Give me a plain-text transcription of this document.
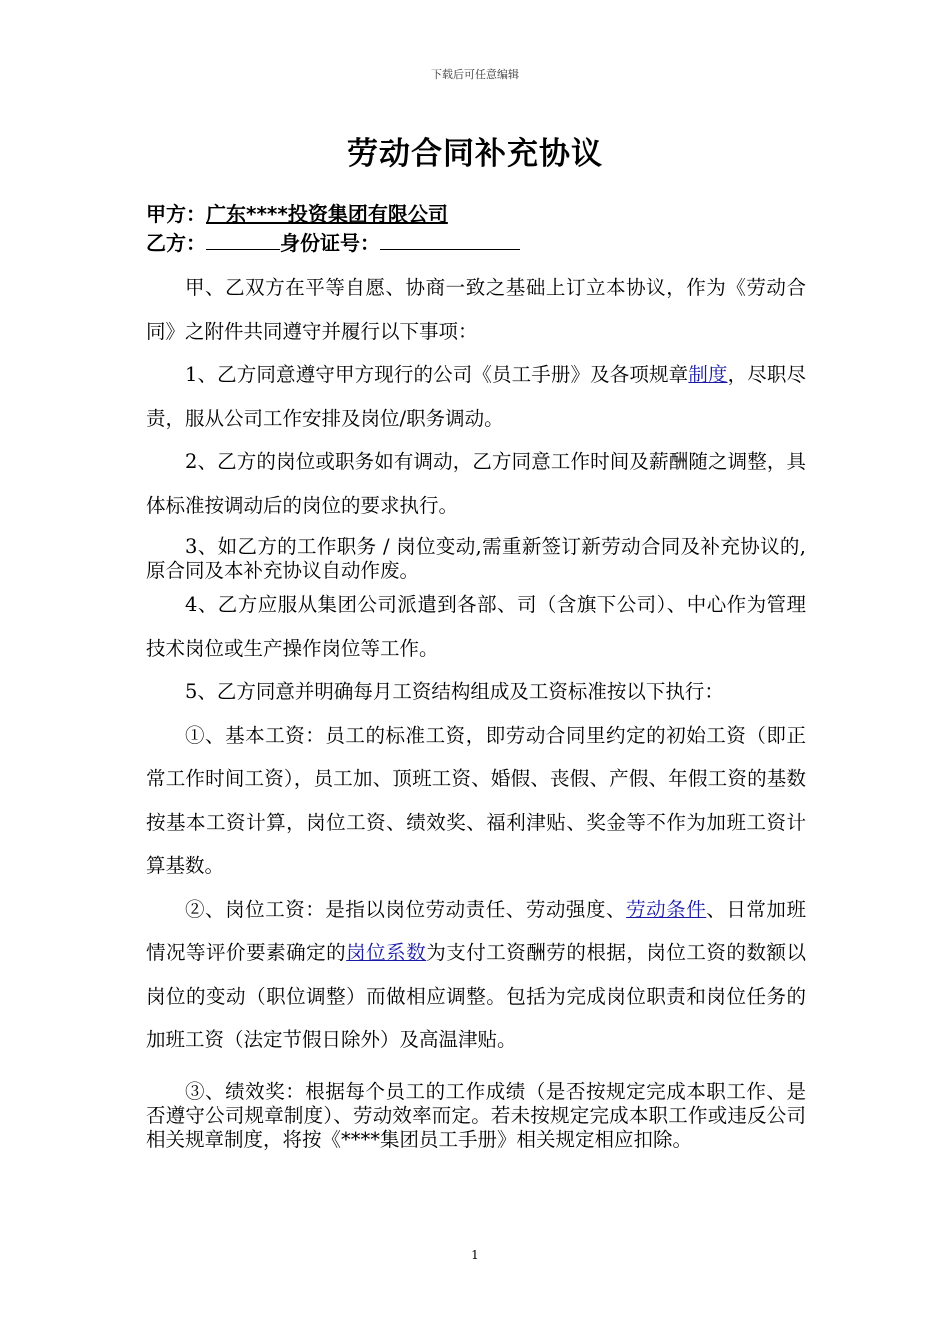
下载后可任意编辑
劳动合同补充协议
甲方：广东****投资集团有限公司
乙方：	身份证号：

甲、乙双方在平等自愿、协商一致之基础上订立本协议，作为《劳动合同》之附件共同遵守并履行以下事项：

1、乙方同意遵守甲方现行的公司《员工手册》及各项规章制度，尽职尽责，服从公司工作安排及岗位/职务调动。

2、乙方的岗位或职务如有调动，乙方同意工作时间及薪酬随之调整，具体标准按调动后的岗位的要求执行。

3、如乙方的工作职务 / 岗位变动,需重新签订新劳动合同及补充协议的,原合同及本补充协议自动作废。

4、乙方应服从集团公司派遣到各部、司（含旗下公司）、中心作为管理技术岗位或生产操作岗位等工作。

5、乙方同意并明确每月工资结构组成及工资标准按以下执行：

①、基本工资：员工的标准工资，即劳动合同里约定的初始工资（即正常工作时间工资），员工加、顶班工资、婚假、丧假、产假、年假工资的基数按基本工资计算，岗位工资、绩效奖、福利津贴、奖金等不作为加班工资计算基数。

②、岗位工资：是指以岗位劳动责任、劳动强度、劳动条件、日常加班情况等评价要素确定的岗位系数为支付工资酬劳的根据，岗位工资的数额以岗位的变动（职位调整）而做相应调整。包括为完成岗位职责和岗位任务的加班工资（法定节假日除外）及高温津贴。

③、绩效奖：根据每个员工的工作成绩（是否按规定完成本职工作、是否遵守公司规章制度）、劳动效率而定。若未按规定完成本职工作或违反公司相关规章制度，将按《****集团员工手册》相关规定相应扣除。

1
